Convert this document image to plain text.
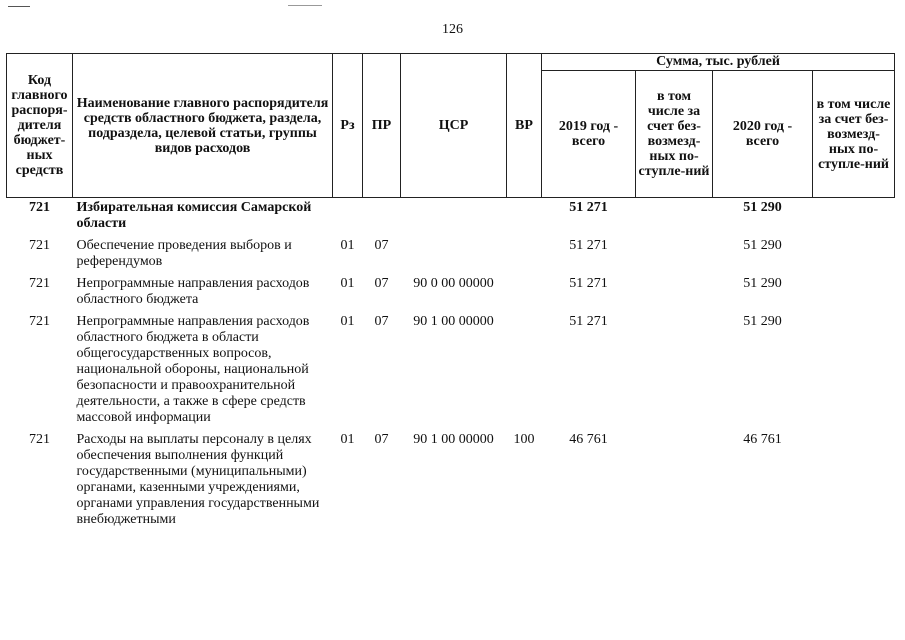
126
Код главного распоря-дителя бюджет-ных средств	Наименование главного распорядителя средств областного бюджета, раздела, подраздела, целевой статьи, группы видов расходов	Рз	ПР	ЦСР	ВР	Сумма, тыс. рублей			
						2019 год - всего	в том числе за счет без-возмезд-ных по-ступле-ний	2020 год - всего	в том числе за счет без-возмезд-ных по-ступле-ний
721	Избирательная комиссия Самарской области					51 271		51 290	
721	Обеспечение проведения выборов и референдумов	01	07			51 271		51 290	
721	Непрограммные направления расходов областного бюджета	01	07	90 0 00 00000		51 271		51 290	
721	Непрограммные направления расходов областного бюджета в области общегосударственных вопросов, национальной обороны, национальной безопасности и правоохранительной деятельности, а также в сфере средств массовой информации	01	07	90 1 00 00000		51 271		51 290	
721	Расходы на выплаты персоналу в целях обеспечения выполнения функций государственными (муниципальными) органами, казенными учреждениями, органами управления государственными внебюджетными	01	07	90 1 00 00000	100	46 761		46 761	
